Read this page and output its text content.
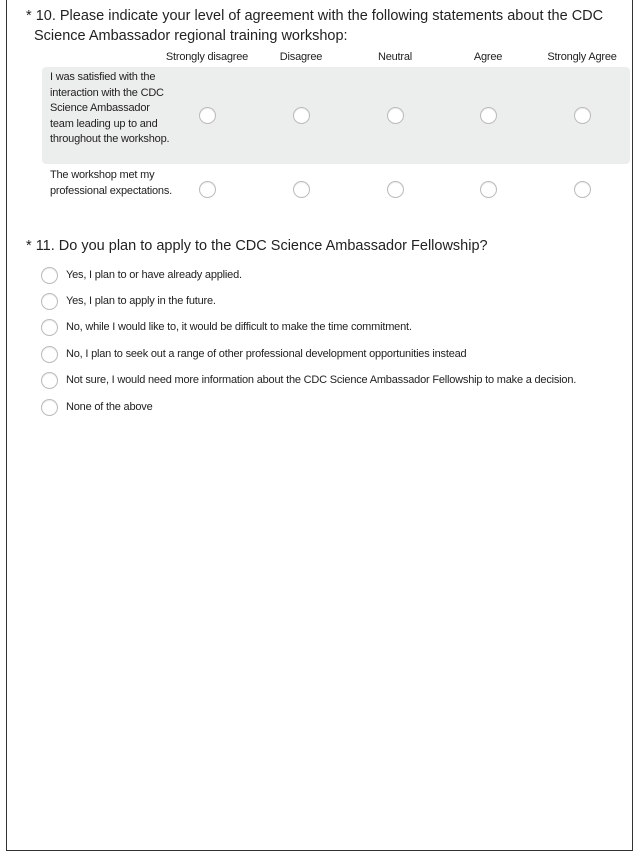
* 10. Please indicate your level of agreement with the following statements about the CDC Science Ambassador regional training workshop:
Strongly disagree	Disagree	Neutral	Agree	Strongly Agree
I was satisfied with the interaction with the CDC Science Ambassador team leading up to and throughout the workshop.
The workshop met my professional expectations.
* 11. Do you plan to apply to the CDC Science Ambassador Fellowship?
Yes, I plan to or have already applied.
Yes, I plan to apply in the future.
No, while I would like to, it would be difficult to make the time commitment.
No, I plan to seek out a range of other professional development opportunities instead
Not sure, I would need more information about the CDC Science Ambassador Fellowship to make a decision.
None of the above
